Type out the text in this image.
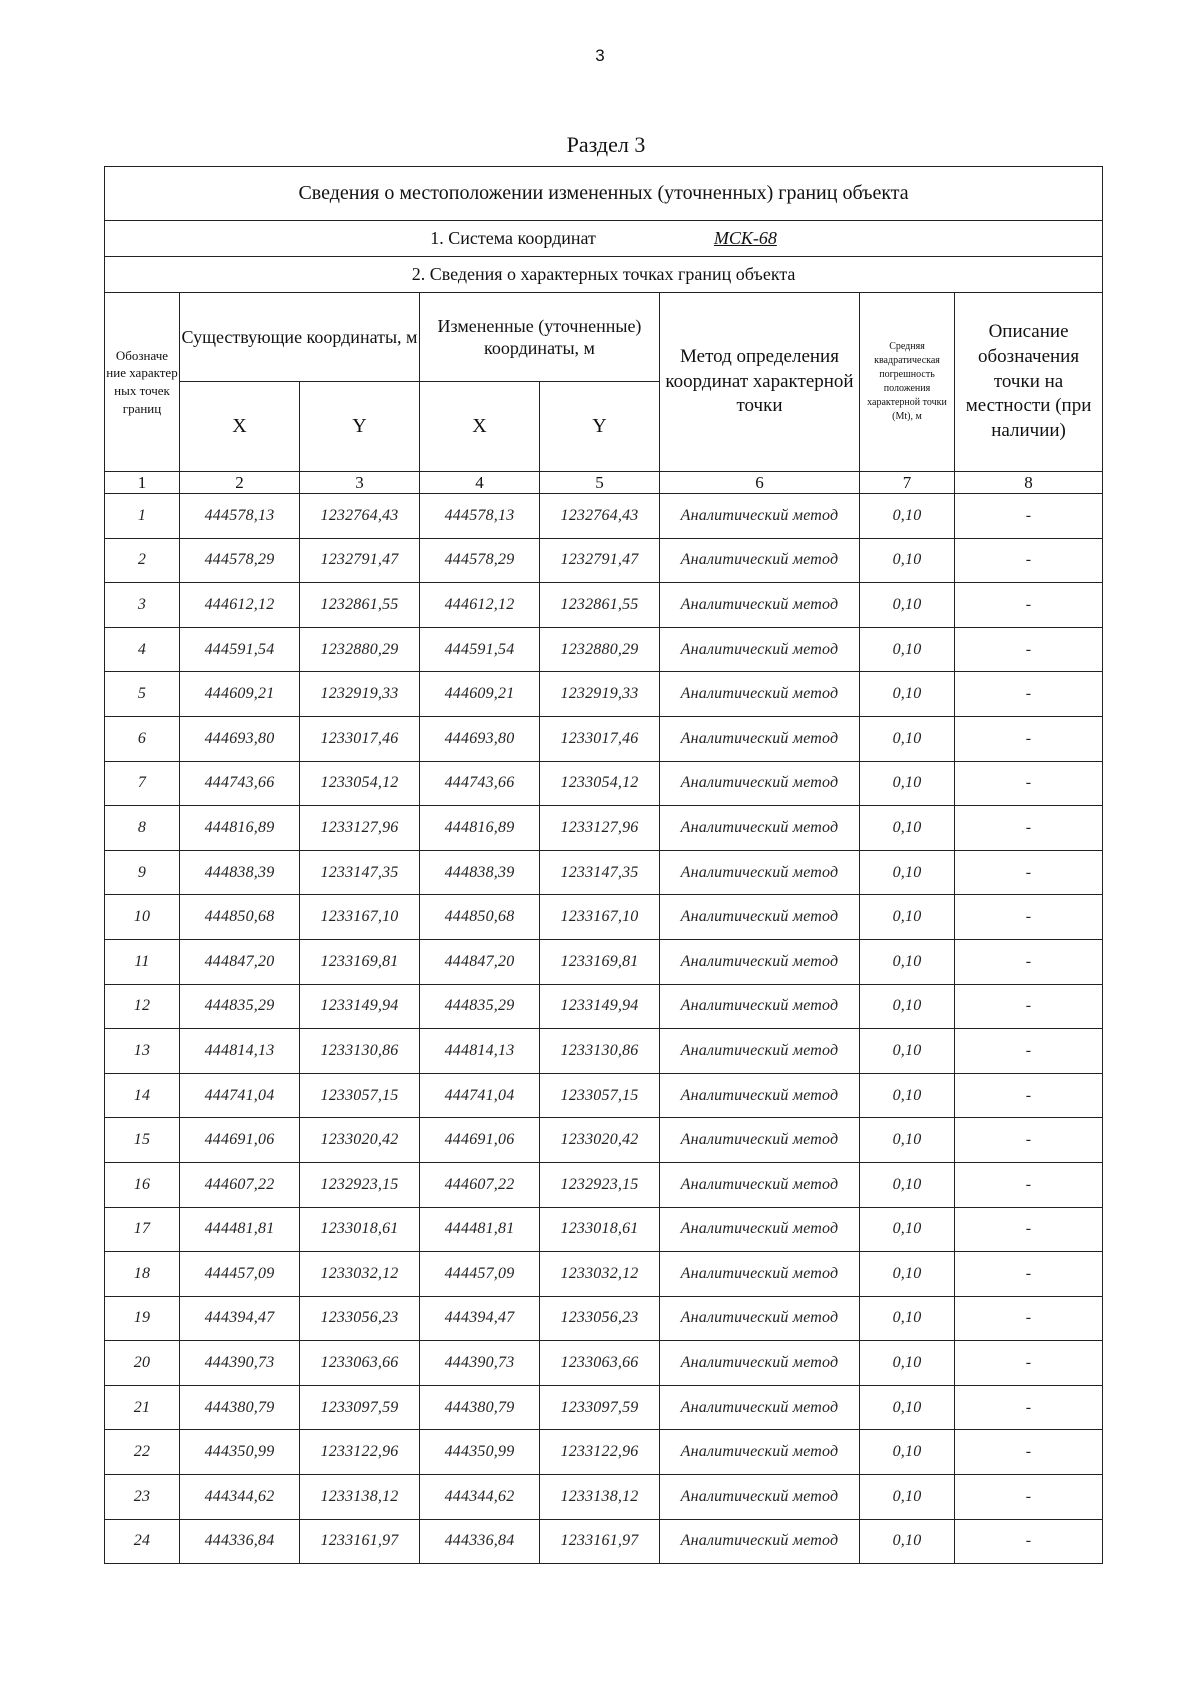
3
Раздел 3
Сведения о местоположении измененных (уточненных) границ объекта							
1. Система координат МСК-68							
2. Сведения о характерных точках границ объекта							
Обозначе ние характер ных точек границ	Существующие координаты, м		Измененные (уточненные) координаты, м		Метод определения координат характерной точки	Средняя квадратическая погрешность положения характерной точки (Mt), м	Описание обозначения точки на местности (при наличии)
	X	Y	X	Y			
1	2	3	4	5	6	7	8
1	444578,13	1232764,43	444578,13	1232764,43	Аналитический метод	0,10	-
2	444578,29	1232791,47	444578,29	1232791,47	Аналитический метод	0,10	-
3	444612,12	1232861,55	444612,12	1232861,55	Аналитический метод	0,10	-
4	444591,54	1232880,29	444591,54	1232880,29	Аналитический метод	0,10	-
5	444609,21	1232919,33	444609,21	1232919,33	Аналитический метод	0,10	-
6	444693,80	1233017,46	444693,80	1233017,46	Аналитический метод	0,10	-
7	444743,66	1233054,12	444743,66	1233054,12	Аналитический метод	0,10	-
8	444816,89	1233127,96	444816,89	1233127,96	Аналитический метод	0,10	-
9	444838,39	1233147,35	444838,39	1233147,35	Аналитический метод	0,10	-
10	444850,68	1233167,10	444850,68	1233167,10	Аналитический метод	0,10	-
11	444847,20	1233169,81	444847,20	1233169,81	Аналитический метод	0,10	-
12	444835,29	1233149,94	444835,29	1233149,94	Аналитический метод	0,10	-
13	444814,13	1233130,86	444814,13	1233130,86	Аналитический метод	0,10	-
14	444741,04	1233057,15	444741,04	1233057,15	Аналитический метод	0,10	-
15	444691,06	1233020,42	444691,06	1233020,42	Аналитический метод	0,10	-
16	444607,22	1232923,15	444607,22	1232923,15	Аналитический метод	0,10	-
17	444481,81	1233018,61	444481,81	1233018,61	Аналитический метод	0,10	-
18	444457,09	1233032,12	444457,09	1233032,12	Аналитический метод	0,10	-
19	444394,47	1233056,23	444394,47	1233056,23	Аналитический метод	0,10	-
20	444390,73	1233063,66	444390,73	1233063,66	Аналитический метод	0,10	-
21	444380,79	1233097,59	444380,79	1233097,59	Аналитический метод	0,10	-
22	444350,99	1233122,96	444350,99	1233122,96	Аналитический метод	0,10	-
23	444344,62	1233138,12	444344,62	1233138,12	Аналитический метод	0,10	-
24	444336,84	1233161,97	444336,84	1233161,97	Аналитический метод	0,10	-
